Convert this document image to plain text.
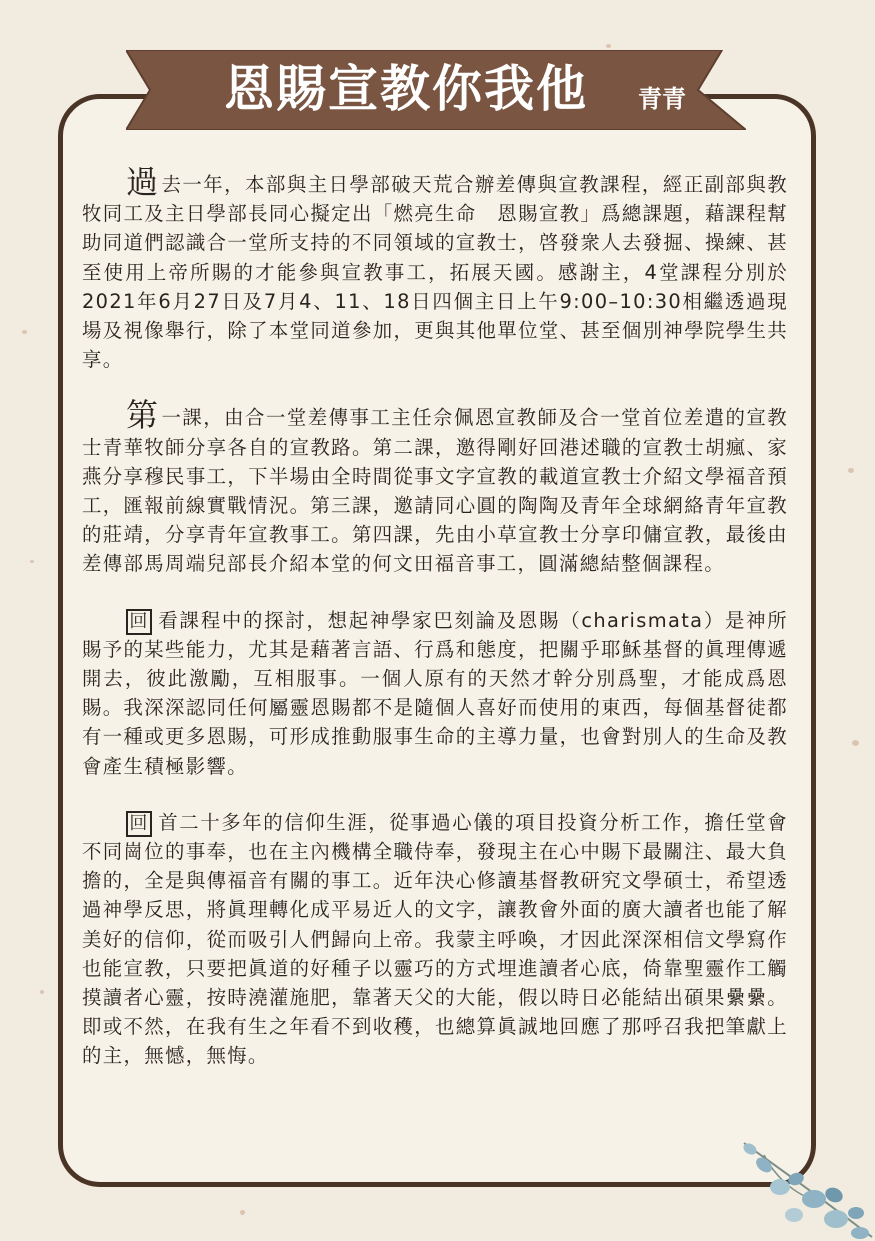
恩賜宣教你我他	青青

過去一年，本部與主日學部破天荒合辦差傳與宣教課程，經正副部與教牧同工及主日學部長同心擬定出「燃亮生命　恩賜宣教」爲總課題，藉課程幫助同道們認識合一堂所支持的不同領域的宣教士，啓發衆人去發掘、操練、甚至使用上帝所賜的才能參與宣教事工，拓展天國。感謝主，4堂課程分別於2021年6月27日及7月4、11、18日四個主日上午9:00–10:30相繼透過現場及視像舉行，除了本堂同道參加，更與其他單位堂、甚至個別神學院學生共享。

第一課，由合一堂差傳事工主任佘佩恩宣教師及合一堂首位差遣的宣教士青華牧師分享各自的宣教路。第二課，邀得剛好回港述職的宣教士胡瘋、家燕分享穆民事工，下半場由全時間從事文字宣教的載道宣教士介紹文學福音預工，匯報前線實戰情況。第三課，邀請同心圓的陶陶及青年全球網絡青年宣教的莊靖，分享青年宣教事工。第四課，先由小草宣教士分享印傭宣教，最後由差傳部馬周端兒部長介紹本堂的何文田福音事工，圓滿總結整個課程。

回 看課程中的探討，想起神學家巴刻論及恩賜（charismata）是神所賜予的某些能力，尤其是藉著言語、行爲和態度，把關乎耶穌基督的眞理傳遞開去，彼此激勵，互相服事。一個人原有的天然才幹分別爲聖，才能成爲恩賜。我深深認同任何屬靈恩賜都不是隨個人喜好而使用的東西，每個基督徒都有一種或更多恩賜，可形成推動服事生命的主導力量，也會對別人的生命及教會產生積極影響。

回 首二十多年的信仰生涯，從事過心儀的項目投資分析工作，擔任堂會不同崗位的事奉，也在主內機構全職侍奉，發現主在心中賜下最關注、最大負擔的，全是與傳福音有關的事工。近年決心修讀基督教研究文學碩士，希望透過神學反思，將眞理轉化成平易近人的文字，讓教會外面的廣大讀者也能了解美好的信仰，從而吸引人們歸向上帝。我蒙主呼喚，才因此深深相信文學寫作也能宣教，只要把眞道的好種子以靈巧的方式埋進讀者心底，倚靠聖靈作工觸摸讀者心靈，按時澆灌施肥，靠著天父的大能，假以時日必能結出碩果纍纍。即或不然，在我有生之年看不到收穫，也總算眞誠地回應了那呼召我把筆獻上的主，無憾，無悔。
